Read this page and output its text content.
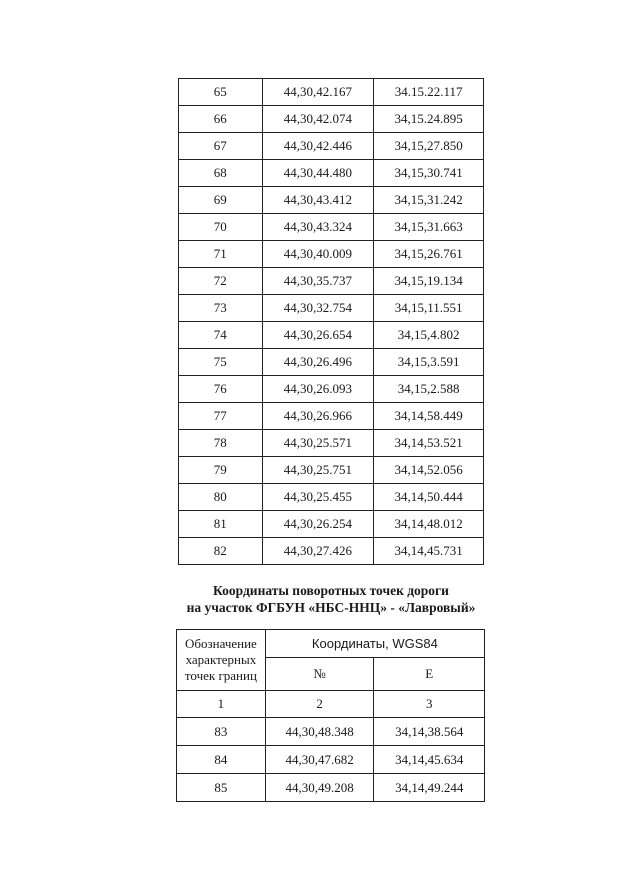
65	44,30,42.167	34.15.22.117
66	44,30,42.074	34,15.24.895
67	44,30,42.446	34,15,27.850
68	44,30,44.480	34,15,30.741
69	44,30,43.412	34,15,31.242
70	44,30,43.324	34,15,31.663
71	44,30,40.009	34,15,26.761
72	44,30,35.737	34,15,19.134
73	44,30,32.754	34,15,11.551
74	44,30,26.654	34,15,4.802
75	44,30,26.496	34,15,3.591
76	44,30,26.093	34,15,2.588
77	44,30,26.966	34,14,58.449
78	44,30,25.571	34,14,53.521
79	44,30,25.751	34,14,52.056
80	44,30,25.455	34,14,50.444
81	44,30,26.254	34,14,48.012
82	44,30,27.426	34,14,45.731
Координаты поворотных точек дороги
на участок ФГБУН «НБС-ННЦ» - «Лавровый»
Обозначение
характерных
точек границ	Координаты, WGS84	
	№	E
1	2	3
83	44,30,48.348	34,14,38.564
84	44,30,47.682	34,14,45.634
85	44,30,49.208	34,14,49.244
